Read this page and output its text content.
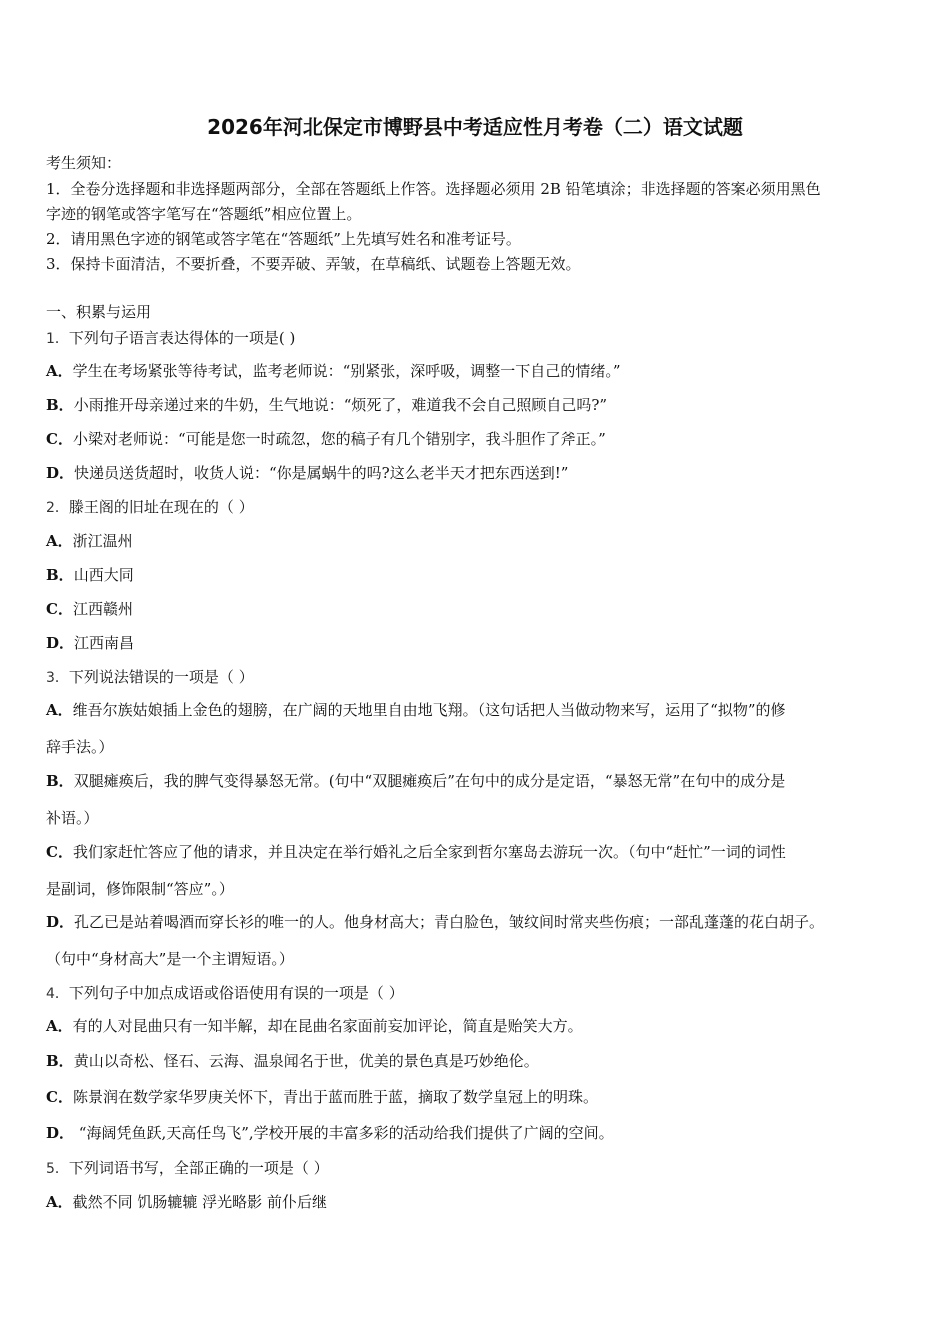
2026年河北保定市博野县中考适应性月考卷（二）语文试题
考生须知：
1．全卷分选择题和非选择题两部分，全部在答题纸上作答。选择题必须用 2B 铅笔填涂；非选择题的答案必须用黑色
字迹的钢笔或答字笔写在“答题纸”相应位置上。
2．请用黑色字迹的钢笔或答字笔在“答题纸”上先填写姓名和准考证号。
3．保持卡面清洁，不要折叠，不要弄破、弄皱，在草稿纸、试题卷上答题无效。
一、积累与运用
1．下列句子语言表达得体的一项是( )
A．学生在考场紧张等待考试，监考老师说：“别紧张，深呼吸，调整一下自己的情绪。”
B．小雨推开母亲递过来的牛奶，生气地说：“烦死了，难道我不会自己照顾自己吗?”
C．小梁对老师说：“可能是您一时疏忽，您的稿子有几个错别字，我斗胆作了斧正。”
D．快递员送货超时，收货人说：“你是属蜗牛的吗?这么老半天才把东西送到!”
2．滕王阁的旧址在现在的（ ）
A．浙江温州
B．山西大同
C．江西赣州
D．江西南昌
3．下列说法错误的一项是（ ）
A．维吾尔族姑娘插上金色的翅膀，在广阔的天地里自由地飞翔。（这句话把人当做动物来写，运用了“拟物”的修
辞手法。）
B．双腿瘫痪后，我的脾气变得暴怒无常。(句中“双腿瘫痪后”在句中的成分是定语，“暴怒无常”在句中的成分是
补语。）
C．我们家赶忙答应了他的请求，并且决定在举行婚礼之后全家到哲尔塞岛去游玩一次。（句中“赶忙”一词的词性
是副词，修饰限制“答应”。）
D．孔乙已是站着喝酒而穿长衫的唯一的人。他身材高大；青白脸色，皱纹间时常夹些伤痕；一部乱蓬蓬的花白胡子。
（句中“身材高大”是一个主谓短语。）
4．下列句子中加点成语或俗语使用有误的一项是（ ）
A．有的人对昆曲只有一知半解，却在昆曲名家面前妄加评论，简直是贻笑大方。
B．黄山以奇松、怪石、云海、温泉闻名于世，优美的景色真是巧妙绝伦。
C．陈景润在数学家华罗庚关怀下，青出于蓝而胜于蓝，摘取了数学皇冠上的明珠。
D． “海阔凭鱼跃,天高任鸟飞”,学校开展的丰富多彩的活动给我们提供了广阔的空间。
5．下列词语书写，全部正确的一项是（ ）
A．截然不同 饥肠辘辘 浮光略影 前仆后继
